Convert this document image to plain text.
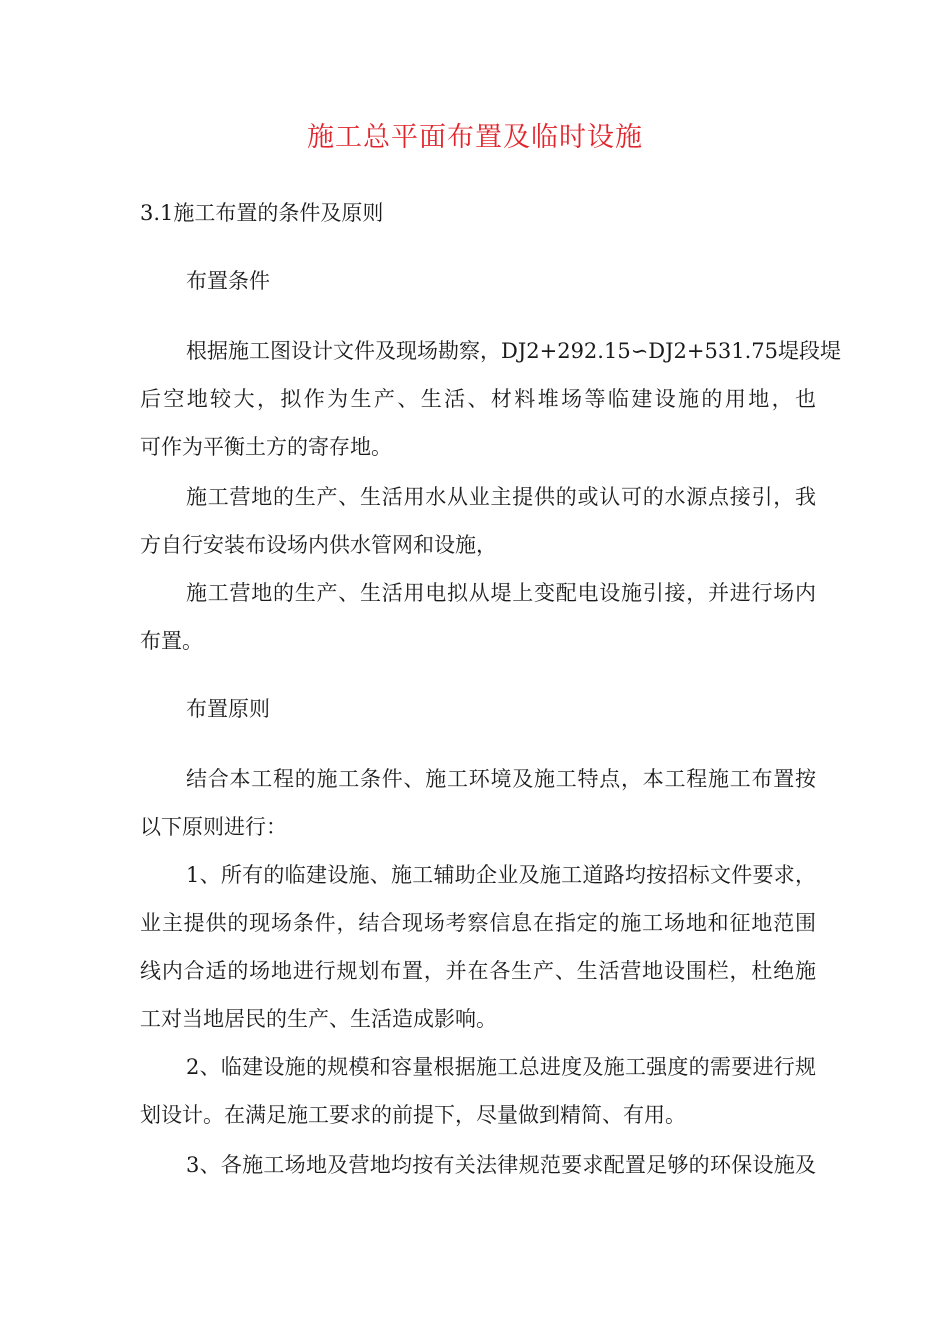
施工总平面布置及临时设施

3.1施工布置的条件及原则

布置条件

根据施工图设计文件及现场勘察，DJ2+292.15∽DJ2+531.75堤段堤

后空地较大，拟作为生产、生活、材料堆场等临建设施的用地，也

可作为平衡土方的寄存地。

施工营地的生产、生活用水从业主提供的或认可的水源点接引，我

方自行安装布设场内供水管网和设施，

施工营地的生产、生活用电拟从堤上变配电设施引接，并进行场内

布置。

布置原则

结合本工程的施工条件、施工环境及施工特点，本工程施工布置按

以下原则进行：

1、所有的临建设施、施工辅助企业及施工道路均按招标文件要求，

业主提供的现场条件，结合现场考察信息在指定的施工场地和征地范围

线内合适的场地进行规划布置，并在各生产、生活营地设围栏，杜绝施

工对当地居民的生产、生活造成影响。

2、临建设施的规模和容量根据施工总进度及施工强度的需要进行规

划设计。在满足施工要求的前提下，尽量做到精简、有用。

3、各施工场地及营地均按有关法律规范要求配置足够的环保设施及
